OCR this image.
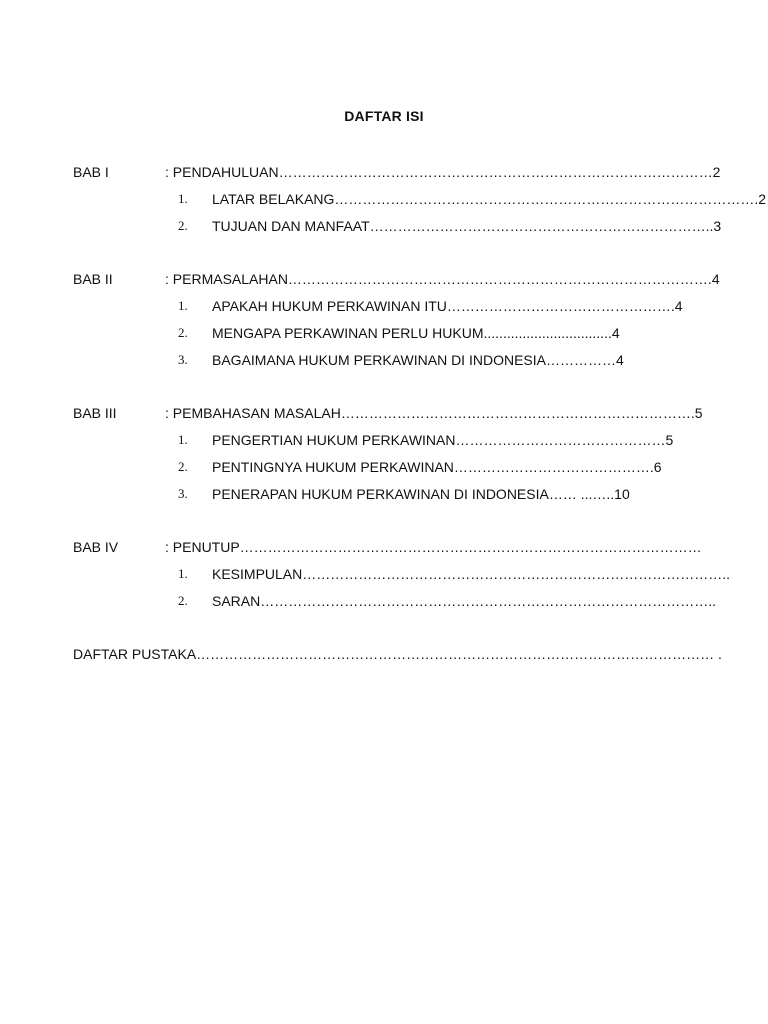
DAFTAR ISI
BAB I	: PENDAHULUAN…………………………………………………………………………………2
1. LATAR BELAKANG……………………………………………………………………………….2
2. TUJUAN DAN MANFAAT………………………………………………………………..3
BAB II	: PERMASALAHAN……………………………………………………………………………….4
1. APAKAH HUKUM PERKAWINAN ITU………………………………………….4
2. MENGAPA PERKAWINAN PERLU HUKUM.................................4
3. BAGAIMANA HUKUM PERKAWINAN DI INDONESIA……………4
BAB III	: PEMBAHASAN MASALAH………………………………………………………………….5
1. PENGERTIAN HUKUM PERKAWINAN………………………………………5
2. PENTINGNYA HUKUM PERKAWINAN…………………………………….6
3. PENERAPAN HUKUM PERKAWINAN DI INDONESIA…… ...…..10
BAB IV	: PENUTUP………………………………………………………………………………………
1. KESIMPULAN………………………………………………………………………………..
2. SARAN……………………………………………………………………………………..
DAFTAR PUSTAKA………………………………………………………………………………………………… .
